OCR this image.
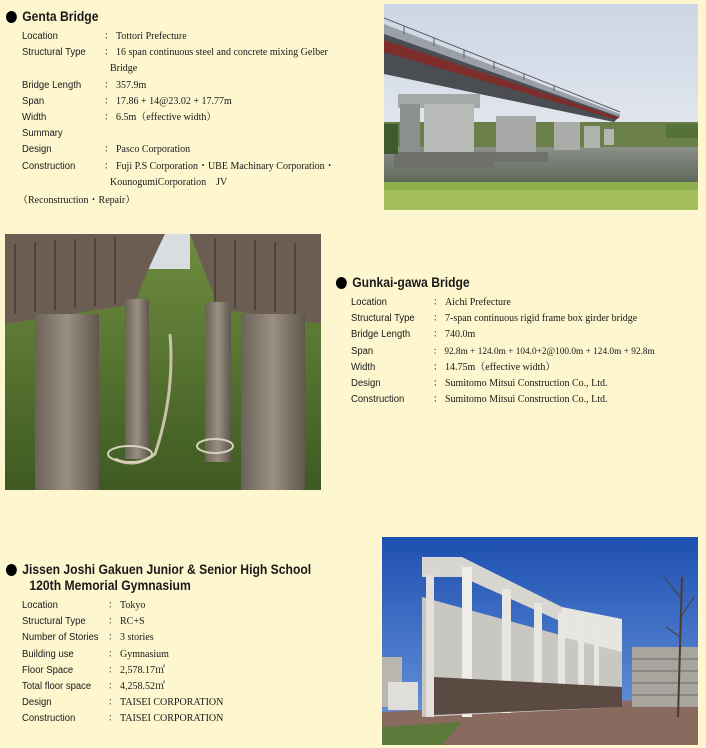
Genta Bridge
Location	： Tottori Prefecture
Structural Type	： 16 span continuous steel and concrete mixing Gelber
Bridge
Bridge Length	： 357.9m
Span	： 17.86 + 14@23.02 + 17.77m
Width	： 6.5m（effective width）
Summary
Design	： Pasco Corporation
Construction	： Fuji P.S Corporation・UBE Machinary Corporation・
KounogumiCorporation　JV
（Reconstruction・Repair）
Gunkai-gawa Bridge
Location	： Aichi Prefecture
Structural Type	： 7-span continuous rigid frame box girder bridge
Bridge Length	： 740.0m
Span	： 92.8m + 124.0m + 104.0+2@100.0m + 124.0m + 92.8m
Width	： 14.75m（effective width）
Design	： Sumitomo Mitsui Construction Co., Ltd.
Construction	： Sumitomo Mitsui Construction Co., Ltd.
Jissen Joshi Gakuen Junior & Senior High School
120th Memorial Gymnasium
Location	： Tokyo
Structural Type	： RC+S
Number of Stories ： 3 stories
Building use	： Gymnasium
Floor Space	： 2,578.17㎡
Total floor space	： 4,258.52㎡
Design	： TAISEI CORPORATION
Construction	： TAISEI CORPORATION
